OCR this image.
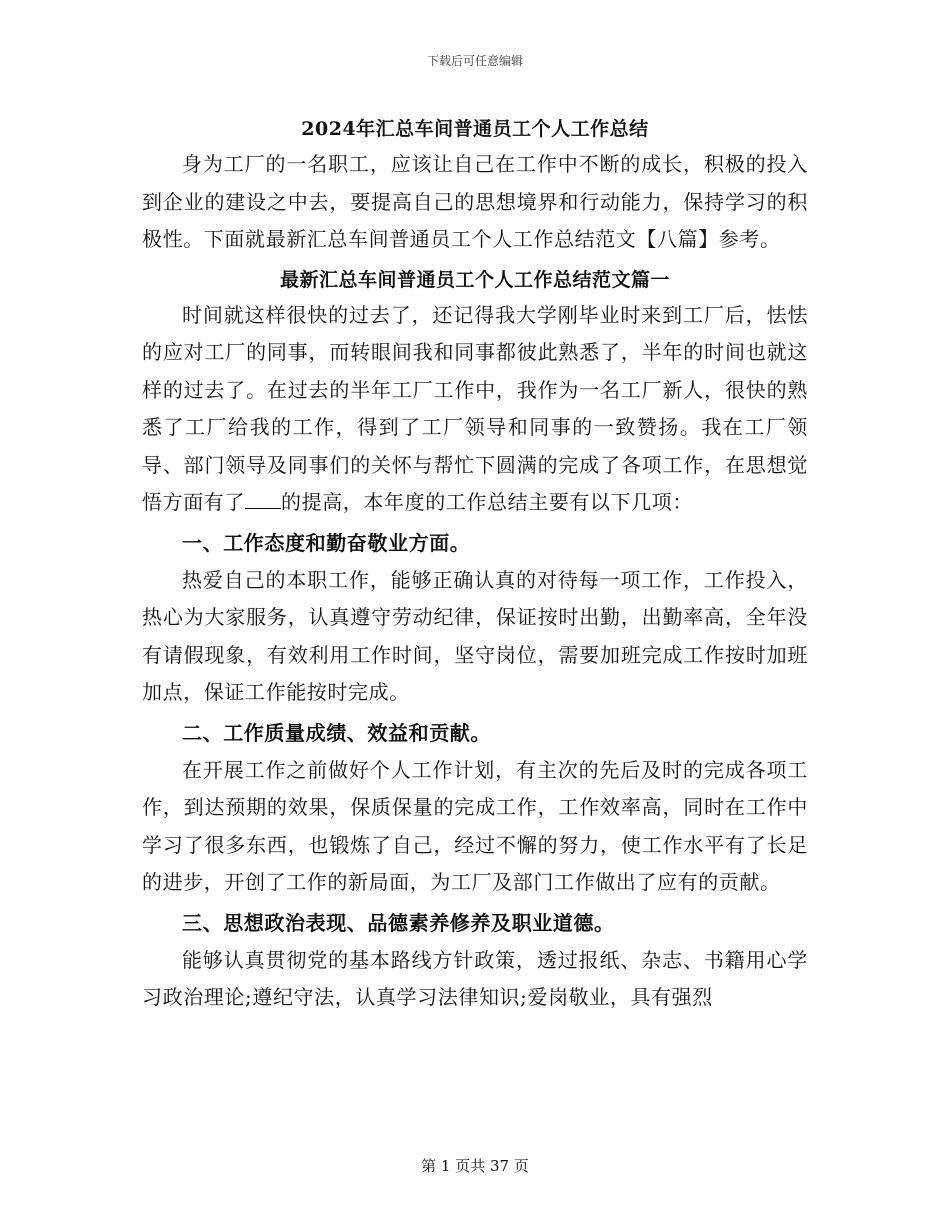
下载后可任意编辑
2024年汇总车间普通员工个人工作总结

身为工厂的一名职工，应该让自己在工作中不断的成长，积极的投入到企业的建设之中去，要提高自己的思想境界和行动能力，保持学习的积极性。下面就最新汇总车间普通员工个人工作总结范文【八篇】参考。

最新汇总车间普通员工个人工作总结范文篇一

时间就这样很快的过去了，还记得我大学刚毕业时来到工厂后，怯怯的应对工厂的同事，而转眼间我和同事都彼此熟悉了，半年的时间也就这样的过去了。在过去的半年工厂工作中，我作为一名工厂新人，很快的熟悉了工厂给我的工作，得到了工厂领导和同事的一致赞扬。我在工厂领导、部门领导及同事们的关怀与帮忙下圆满的完成了各项工作，在思想觉悟方面有了 的提高，本年度的工作总结主要有以下几项：

一、工作态度和勤奋敬业方面。

热爱自己的本职工作，能够正确认真的对待每一项工作，工作投入，热心为大家服务，认真遵守劳动纪律，保证按时出勤，出勤率高，全年没有请假现象，有效利用工作时间，坚守岗位，需要加班完成工作按时加班加点，保证工作能按时完成。

二、工作质量成绩、效益和贡献。

在开展工作之前做好个人工作计划，有主次的先后及时的完成各项工作，到达预期的效果，保质保量的完成工作，工作效率高，同时在工作中学习了很多东西，也锻炼了自己，经过不懈的努力，使工作水平有了长足的进步，开创了工作的新局面，为工厂及部门工作做出了应有的贡献。

三、思想政治表现、品德素养修养及职业道德。

能够认真贯彻党的基本路线方针政策，透过报纸、杂志、书籍用心学习政治理论;遵纪守法，认真学习法律知识;爱岗敬业，具有强烈

第 1 页共 37 页
